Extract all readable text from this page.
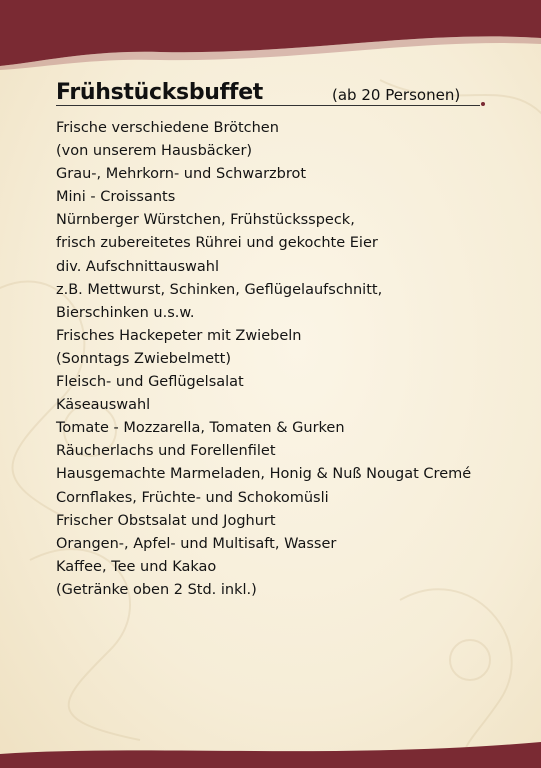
Frühstücksbuffet	(ab 20 Personen)
Frische verschiedene Brötchen
(von unserem Hausbäcker)
Grau-, Mehrkorn- und Schwarzbrot
Mini - Croissants
Nürnberger Würstchen, Frühstücksspeck,
frisch zubereitetes Rührei und gekochte Eier
div. Aufschnittauswahl
z.B. Mettwurst, Schinken, Geflügelaufschnitt,
Bierschinken u.s.w.
Frisches Hackepeter mit Zwiebeln
(Sonntags Zwiebelmett)
Fleisch- und Geflügelsalat
Käseauswahl
Tomate - Mozzarella, Tomaten & Gurken
Räucherlachs und Forellenfilet
Hausgemachte Marmeladen, Honig & Nuß Nougat Cremé
Cornflakes, Früchte- und Schokomüsli
Frischer Obstsalat und Joghurt
Orangen-, Apfel- und Multisaft, Wasser
Kaffee, Tee und Kakao
(Getränke oben 2 Std. inkl.)
